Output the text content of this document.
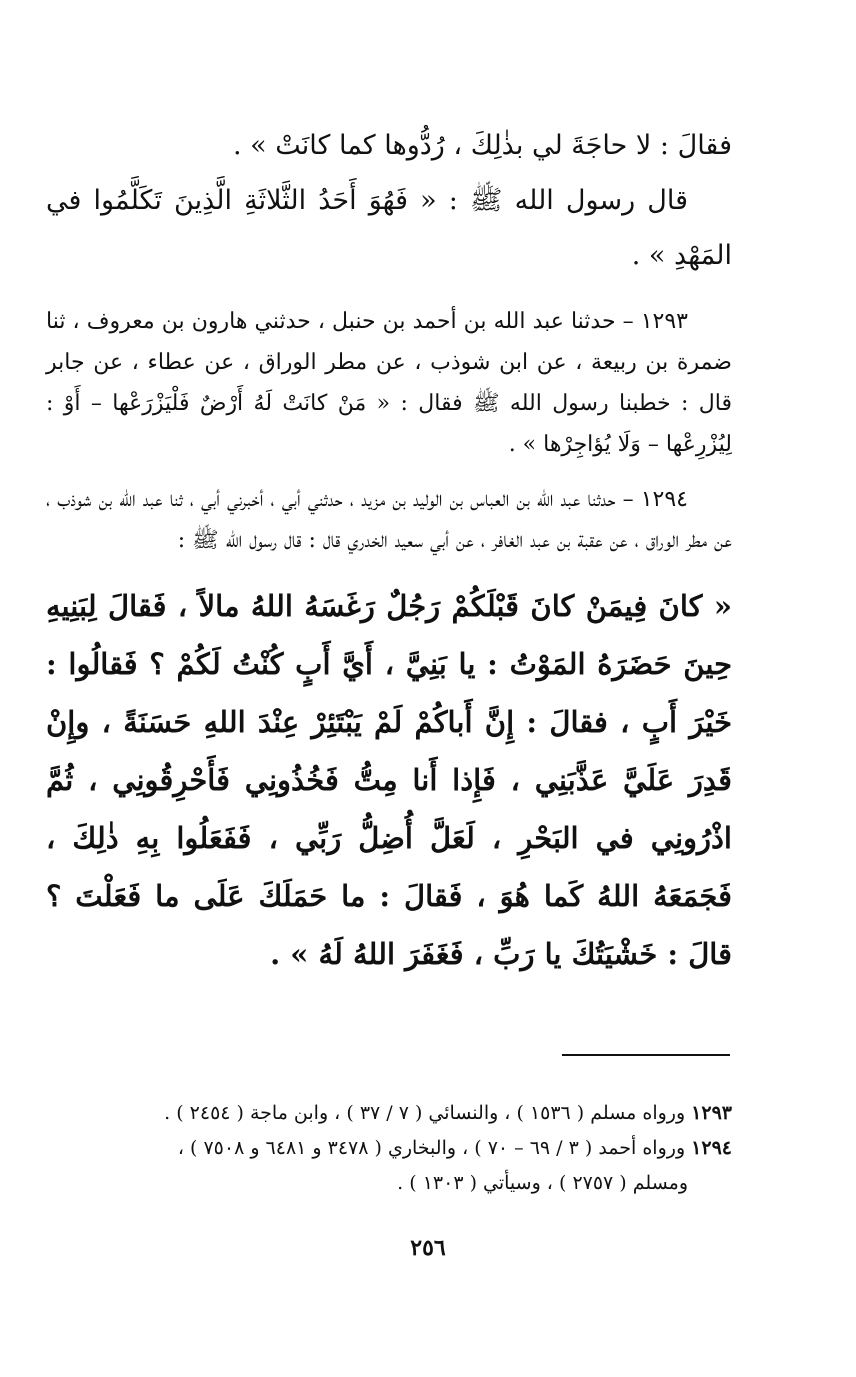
فقالَ : لا حاجَةَ لي بذٰلِكَ ، رُدُّوها كما كانَتْ » .

قال رسول الله ﷺ : « فَهُوَ أَحَدُ الثَّلاثَةِ الَّذِينَ تَكَلَّمُوا في المَهْدِ » .

١٢٩٣ – حدثنا عبد الله بن أحمد بن حنبل ، حدثني هارون بن معروف ، ثنا ضمرة بن ربيعة ، عن ابن شوذب ، عن مطر الوراق ، عن عطاء ، عن جابر قال : خطبنا رسول الله ﷺ فقال : « مَنْ كانَتْ لَهُ أَرْضٌ فَلْيَزْرَعْها – أَوْ : لِيُزْرِعْها – وَلَا يُؤاجِرْها » .

١٢٩٤ – حدثنا عبد الله بن العباس بن الوليد بن مزيد ، حدثني أبي ، أخبرني أبي ، ثنا عبد الله بن شوذب ، عن مطر الوراق ، عن عقبة بن عبد الغافر ، عن أبي سعيد الخدري قال : قال رسول الله ﷺ :

« كانَ فِيمَنْ كانَ قَبْلَكُمْ رَجُلٌ رَغَسَهُ اللهُ مالاً ، فَقالَ لِبَنِيهِ حِينَ حَضَرَهُ المَوْتُ : يا بَنِيَّ ، أَيَّ أَبٍ كُنْتُ لَكُمْ ؟ فَقالُوا : خَيْرَ أَبٍ ، فقالَ : إِنَّ أَباكُمْ لَمْ يَبْتَئِرْ عِنْدَ اللهِ حَسَنَةً ، وإِنْ قَدِرَ عَلَيَّ عَذَّبَنِي ، فَإِذا أَنا مِتُّ فَخُذُونِي فَأَحْرِقُونِي ، ثُمَّ اذْرُونِي في البَحْرِ ، لَعَلَّ أُضِلُّ رَبِّي ، فَفَعَلُوا بِهِ ذٰلِكَ ، فَجَمَعَهُ اللهُ كَما هُوَ ، فَقالَ : ما حَمَلَكَ عَلَى ما فَعَلْتَ ؟ قالَ : خَشْيَتُكَ يا رَبِّ ، فَغَفَرَ اللهُ لَهُ » .

١٢٩٣ ورواه مسلم ( ١٥٣٦ ) ، والنسائي ( ٧ / ٣٧ ) ، وابن ماجة ( ٢٤٥٤ ) .

١٢٩٤ ورواه أحمد ( ٣ / ٦٩ – ٧٠ ) ، والبخاري ( ٣٤٧٨ و ٦٤٨١ و ٧٥٠٨ ) ،

ومسلم ( ٢٧٥٧ ) ، وسيأتي ( ١٣٠٣ ) .

٢٥٦
